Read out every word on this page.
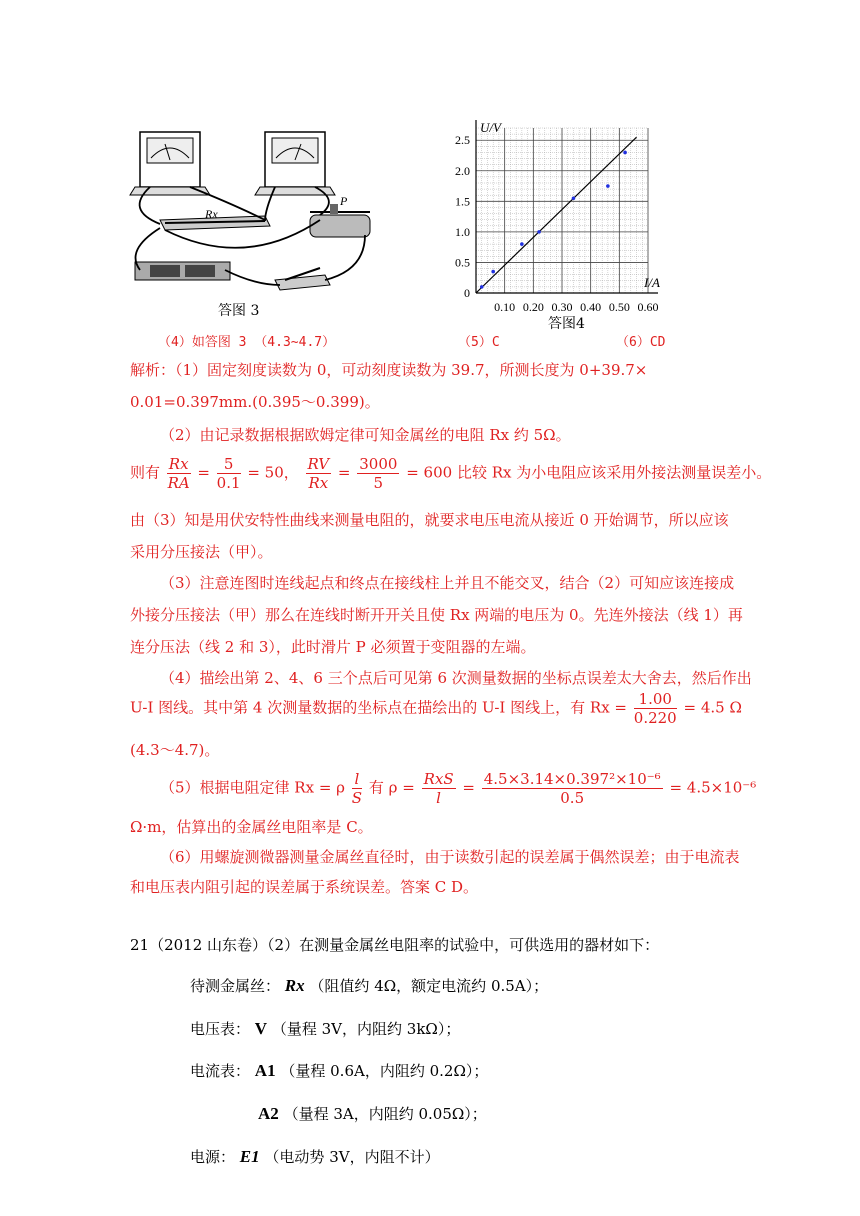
Rx
P
答图 3
2.5
2.0
1.5
1.0
0.5
0
0.10 0.20 0.30 0.40 0.50 0.60
U/V
I/A
答图4
（4）如答图 3 （4.3~4.7）	（5）C	（6）CD
解析：（1）固定刻度读数为 0，可动刻度读数为 39.7，所测长度为 0+39.7×
0.01=0.397mm.(0.395～0.399)。
（2）由记录数据根据欧姆定律可知金属丝的电阻 Rx 约 5Ω。
则有 $\frac{Rx}{RA} = \frac{5}{0.1} = 50$， $\frac{RV}{Rx} = \frac{3000}{5} = 600$ 比较 Rx 为小电阻应该采用外接法测量误差小。
由（3）知是用伏安特性曲线来测量电阻的，就要求电压电流从接近 0 开始调节，所以应该
采用分压接法（甲）。
（3）注意连图时连线起点和终点在接线柱上并且不能交叉，结合（2）可知应该连接成
外接分压接法（甲）那么在连线时断开开关且使 Rx 两端的电压为 0。先连外接法（线 1）再
连分压法（线 2 和 3），此时滑片 P 必须置于变阻器的左端。
（4）描绘出第 2、4、6 三个点后可见第 6 次测量数据的坐标点误差太大舍去，然后作出
U-I 图线。其中第 4 次测量数据的坐标点在描绘出的 U-I 图线上，有 $Rx = \frac{1.00}{0.220} = 4.5$ Ω
(4.3～4.7)。
（5）根据电阻定律 Rx = ρ $\frac{l}{S}$ 有 $\rho = \frac{\text{RxS}}{l} = \frac{\text{4.5×3.14×0.397²×10⁻⁶}}{0.5} = 4.5\times 10^{-6}$
Ω·m，估算出的金属丝电阻率是 C。
（6）用螺旋测微器测量金属丝直径时，由于读数引起的误差属于偶然误差；由于电流表
和电压表内阻引起的误差属于系统误差。答案 C D。
21（2012 山东卷）（2）在测量金属丝电阻率的试验中，可供选用的器材如下：
待测金属丝： Rx （阻值约 4Ω，额定电流约 0.5A）；
电压表： V （量程 3V，内阻约 3kΩ）；
电流表： A1 （量程 0.6A，内阻约 0.2Ω）；
A2 （量程 3A，内阻约 0.05Ω）；
电源： E1 （电动势 3V，内阻不计）
